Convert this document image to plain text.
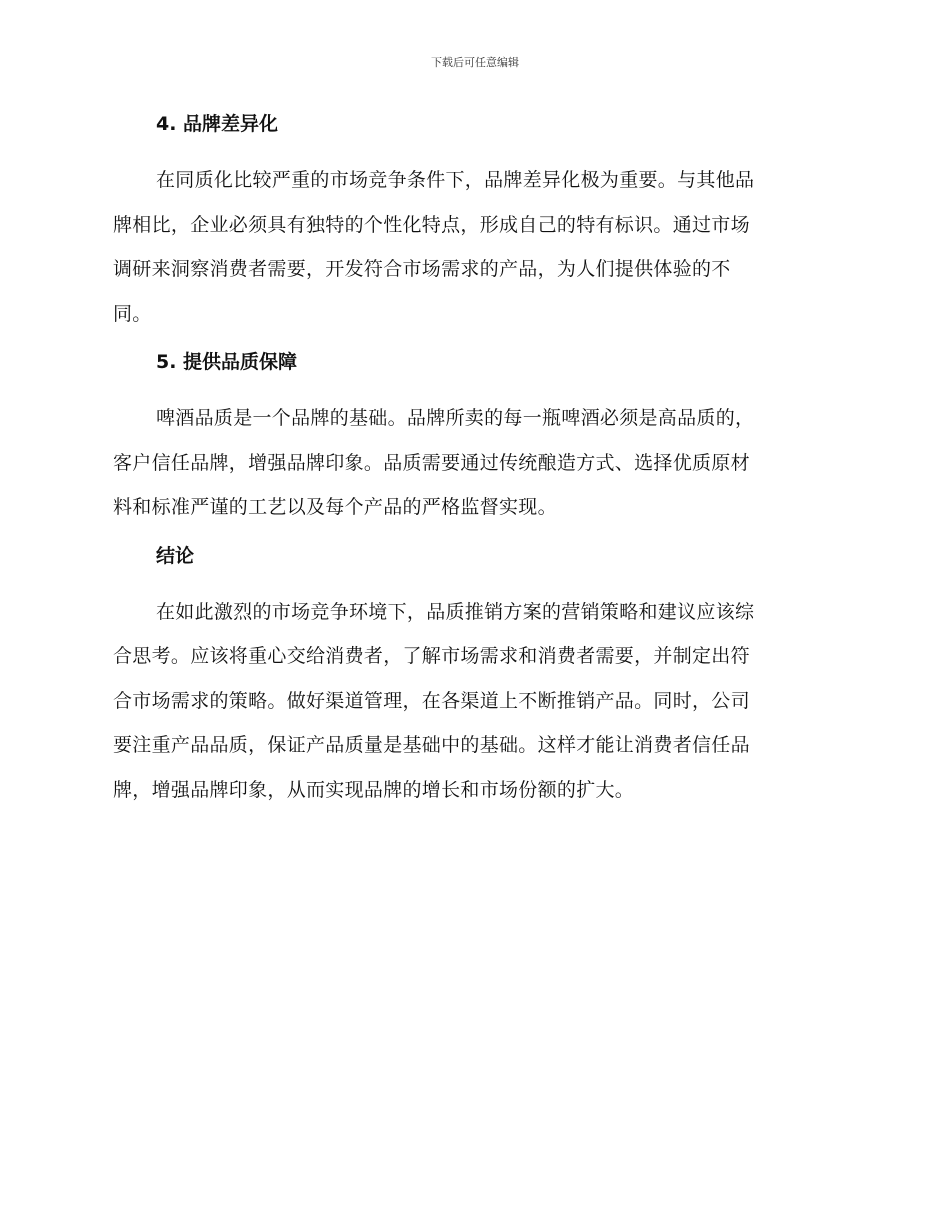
下载后可任意编辑
4. 品牌差异化
在同质化比较严重的市场竞争条件下，品牌差异化极为重要。与其他品
牌相比，企业必须具有独特的个性化特点，形成自己的特有标识。通过市场
调研来洞察消费者需要，开发符合市场需求的产品，为人们提供体验的不
同。
5. 提供品质保障
啤酒品质是一个品牌的基础。品牌所卖的每一瓶啤酒必须是高品质的，
客户信任品牌，增强品牌印象。品质需要通过传统酿造方式、选择优质原材
料和标准严谨的工艺以及每个产品的严格监督实现。
结论
在如此激烈的市场竞争环境下，品质推销方案的营销策略和建议应该综
合思考。应该将重心交给消费者，了解市场需求和消费者需要，并制定出符
合市场需求的策略。做好渠道管理，在各渠道上不断推销产品。同时，公司
要注重产品品质，保证产品质量是基础中的基础。这样才能让消费者信任品
牌，增强品牌印象，从而实现品牌的增长和市场份额的扩大。
